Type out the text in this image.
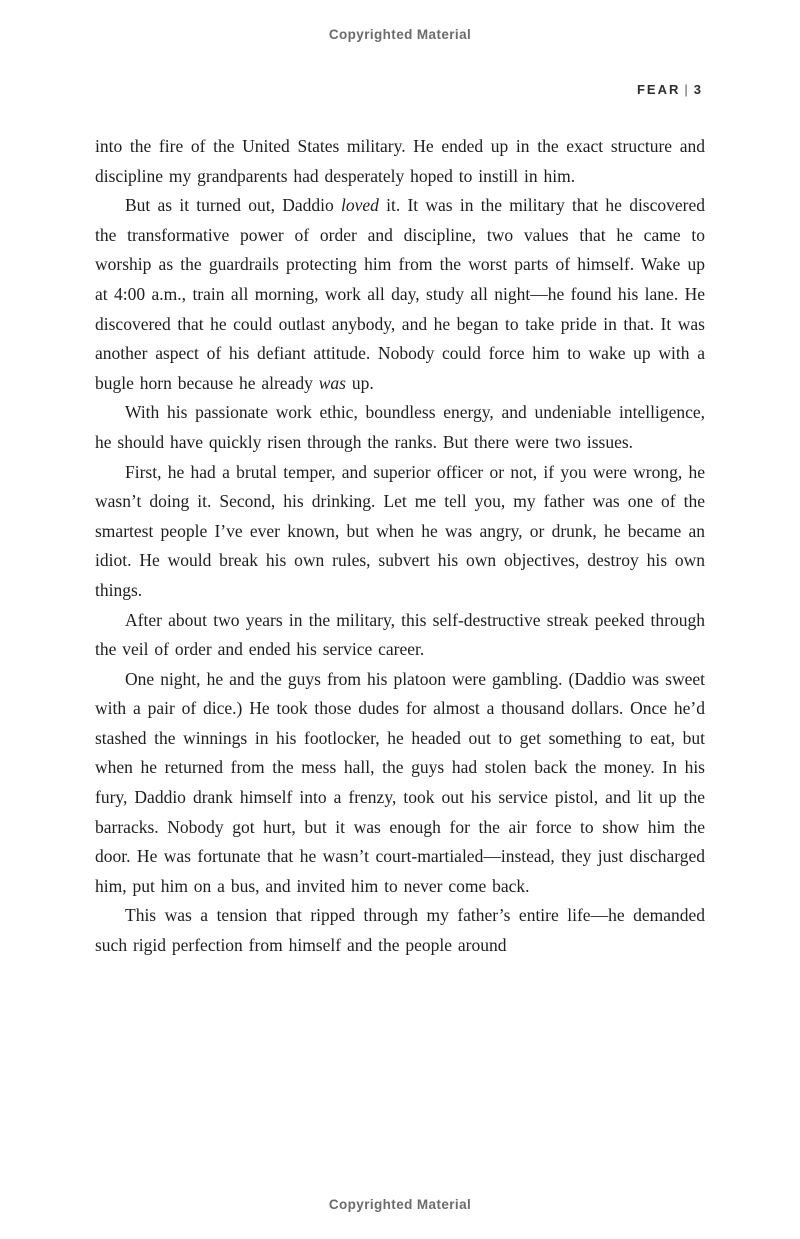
Copyrighted Material
FEAR | 3

into the fire of the United States military. He ended up in the exact structure and discipline my grandparents had desperately hoped to instill in him.

But as it turned out, Daddio loved it. It was in the military that he discovered the transformative power of order and discipline, two values that he came to worship as the guardrails protecting him from the worst parts of himself. Wake up at 4:00 a.m., train all morning, work all day, study all night—he found his lane. He discovered that he could outlast anybody, and he began to take pride in that. It was another aspect of his defiant attitude. Nobody could force him to wake up with a bugle horn because he already was up.

With his passionate work ethic, boundless energy, and undeniable intelligence, he should have quickly risen through the ranks. But there were two issues.

First, he had a brutal temper, and superior officer or not, if you were wrong, he wasn’t doing it. Second, his drinking. Let me tell you, my father was one of the smartest people I’ve ever known, but when he was angry, or drunk, he became an idiot. He would break his own rules, subvert his own objectives, destroy his own things.

After about two years in the military, this self-destructive streak peeked through the veil of order and ended his service career.

One night, he and the guys from his platoon were gambling. (Daddio was sweet with a pair of dice.) He took those dudes for almost a thousand dollars. Once he’d stashed the winnings in his footlocker, he headed out to get something to eat, but when he returned from the mess hall, the guys had stolen back the money. In his fury, Daddio drank himself into a frenzy, took out his service pistol, and lit up the barracks. Nobody got hurt, but it was enough for the air force to show him the door. He was fortunate that he wasn’t court-martialed—instead, they just discharged him, put him on a bus, and invited him to never come back.

This was a tension that ripped through my father’s entire life—he demanded such rigid perfection from himself and the people around

Copyrighted Material
